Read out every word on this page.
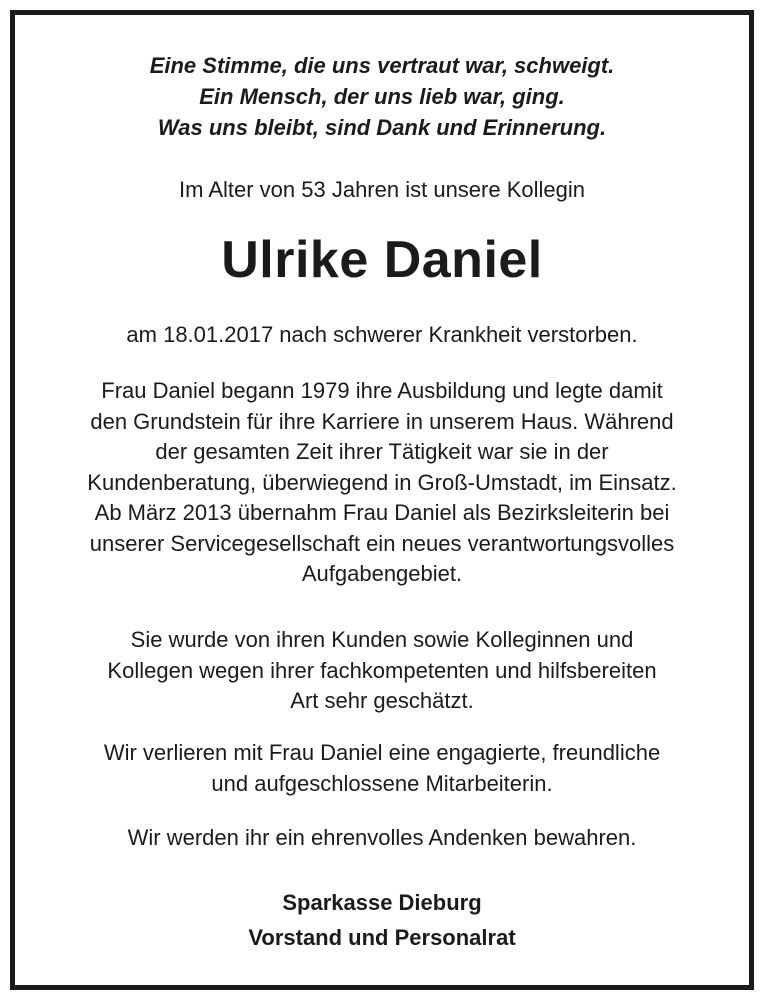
Eine Stimme, die uns vertraut war, schweigt.
Ein Mensch, der uns lieb war, ging.
Was uns bleibt, sind Dank und Erinnerung.

Im Alter von 53 Jahren ist unsere Kollegin

Ulrike Daniel

am 18.01.2017 nach schwerer Krankheit verstorben.

Frau Daniel begann 1979 ihre Ausbildung und legte damit
den Grundstein für ihre Karriere in unserem Haus. Während
der gesamten Zeit ihrer Tätigkeit war sie in der
Kundenberatung, überwiegend in Groß-Umstadt, im Einsatz.
Ab März 2013 übernahm Frau Daniel als Bezirksleiterin bei
unserer Servicegesellschaft ein neues verantwortungsvolles
Aufgabengebiet.
Sie wurde von ihren Kunden sowie Kolleginnen und
Kollegen wegen ihrer fachkompetenten und hilfsbereiten
Art sehr geschätzt.
Wir verlieren mit Frau Daniel eine engagierte, freundliche
und aufgeschlossene Mitarbeiterin.

Wir werden ihr ein ehrenvolles Andenken bewahren.

Sparkasse Dieburg
Vorstand und Personalrat
